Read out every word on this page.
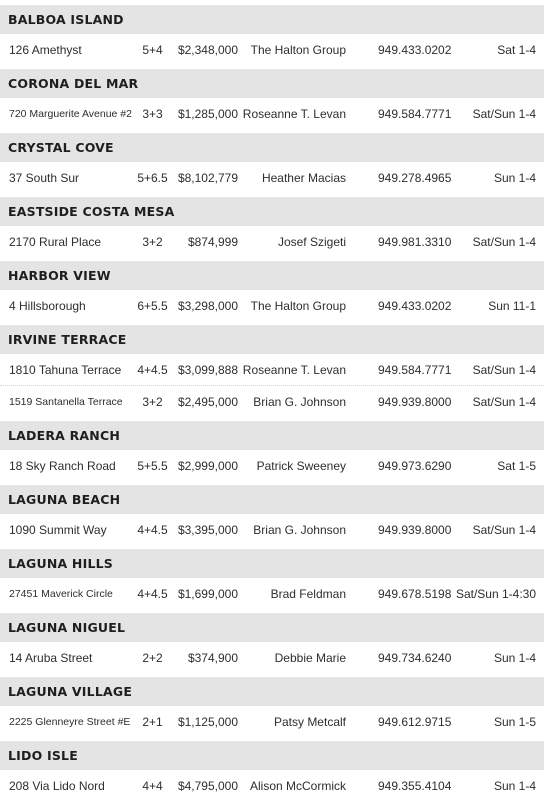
BALBOA ISLAND
126 Amethyst	5+4	$2,348,000 The Halton Group	949.433.0202	Sat 1-4
CORONA DEL MAR
720 Marguerite Avenue #2 3+3	$1,285,000 Roseanne T. Levan	949.584.7771 Sat/Sun 1-4
CRYSTAL COVE
37 South Sur	5+6.5 $8,102,779 Heather Macias	949.278.4965	Sun 1-4
EASTSIDE COSTA MESA
2170 Rural Place	3+2	$874,999	Josef Szigeti	949.981.3310 Sat/Sun 1-4
HARBOR VIEW
4 Hillsborough	6+5.5 $3,298,000 The Halton Group	949.433.0202	Sun 11-1
IRVINE TERRACE
1810 Tahuna Terrace	4+4.5 $3,099,888 Roseanne T. Levan	949.584.7771 Sat/Sun 1-4
1519 Santanella Terrace	3+2	$2,495,000 Brian G. Johnson	949.939.8000 Sat/Sun 1-4
LADERA RANCH
18 Sky Ranch Road	5+5.5 $2,999,000 Patrick Sweeney	949.973.6290	Sat 1-5
LAGUNA BEACH
1090 Summit Way	4+4.5 $3,395,000 Brian G. Johnson	949.939.8000 Sat/Sun 1-4
LAGUNA HILLS
27451 Maverick Circle	4+4.5 $1,699,000	Brad Feldman	949.678.5198 Sat/Sun 1-4:30
LAGUNA NIGUEL
14 Aruba Street	2+2	$374,900	Debbie Marie	949.734.6240	Sun 1-4
LAGUNA VILLAGE
2225 Glenneyre Street #E 2+1	$1,125,000	Patsy Metcalf	949.612.9715	Sun 1-5
LIDO ISLE
208 Via Lido Nord	4+4	$4,795,000 Alison McCormick	949.355.4104	Sun 1-4
